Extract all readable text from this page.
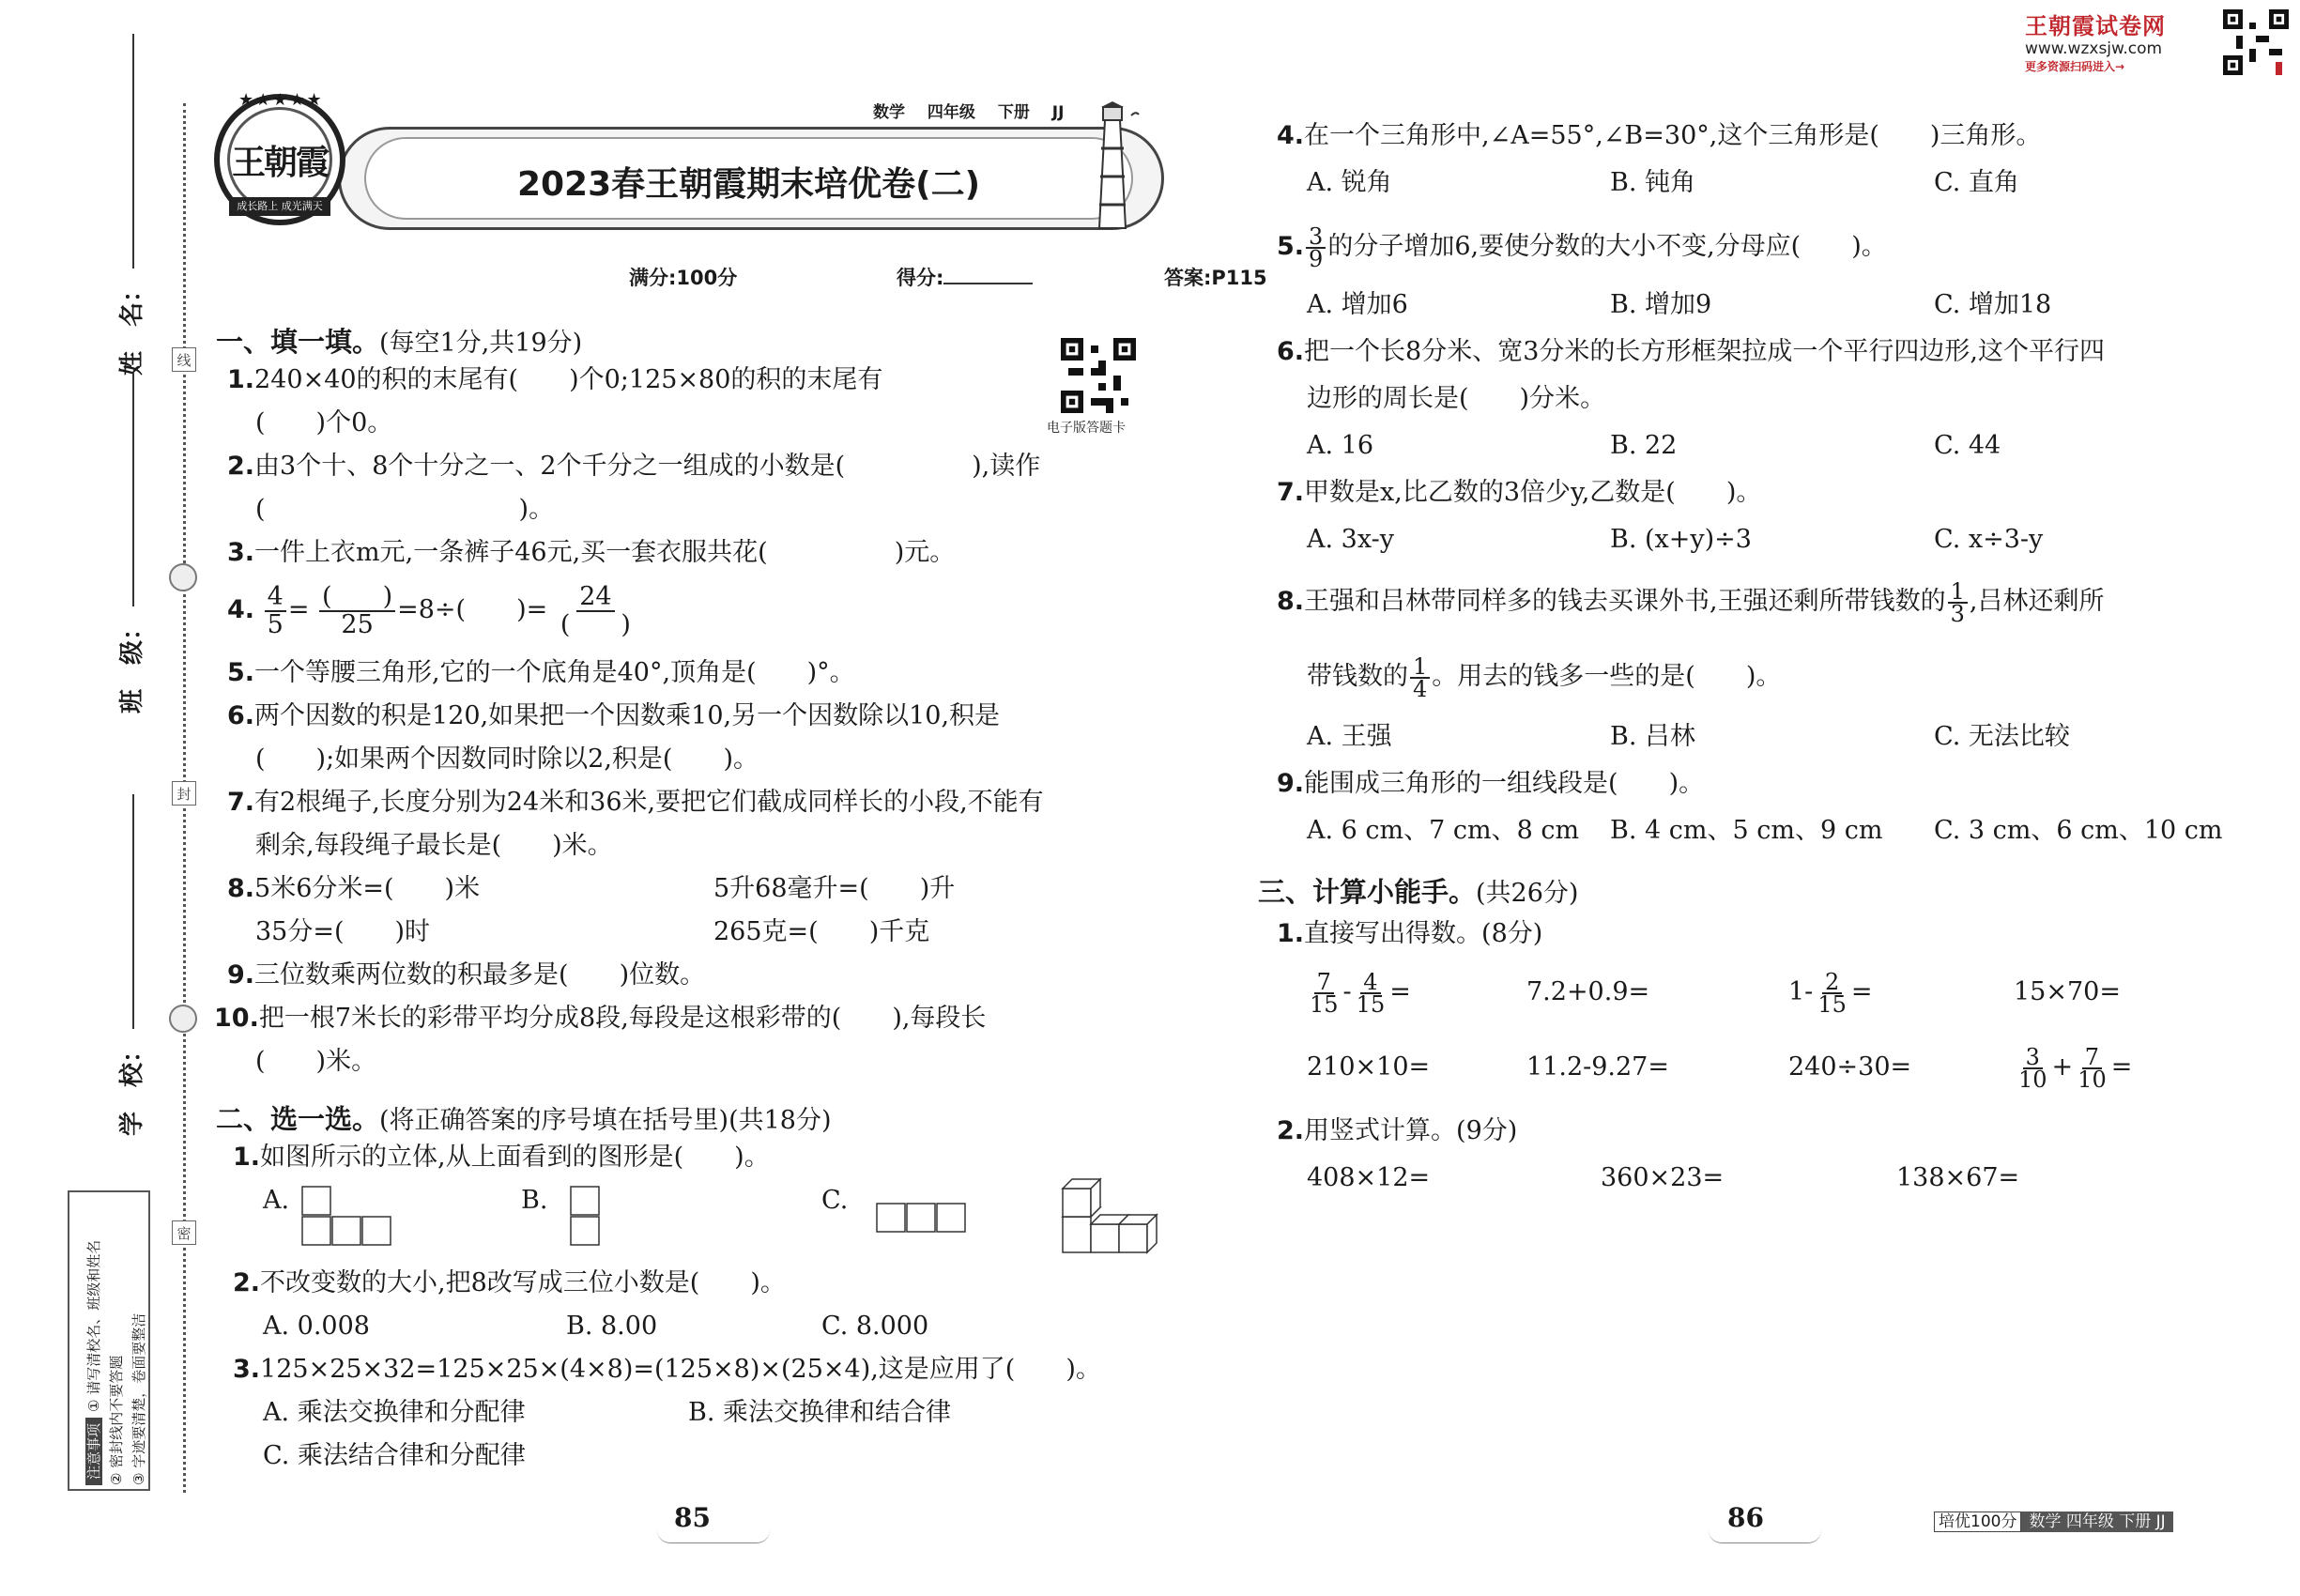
线
封
密
姓　名：
班　级：
学　校：
注意事项① 请写清校名、班级和姓名
② 密封线内不要答题 ③ 字迹要清楚，卷面要整洁
2023春王朝霞期末培优卷(二)
★★★★★
王朝霞
成长路上 成光满天
数学 四年级 下册 JJ
满分:100分	得分:	答案:P115
电子版答题卡
一、填一填。(每空1分,共19分)
1.240×40的积的末尾有(　　)个0;125×80的积的末尾有
(　　)个0。
2.由3个十、8个十分之一、2个千分之一组成的小数是(　　　　　),读作
(　　　　　　　　　　)。
3.一件上衣m元,一条裤子46元,买一套衣服共花(　　　　　)元。
4. $\frac{4}{5} = \frac{( )}{25} =8\div$(　　)= $\frac{24}{( )}$
5.一个等腰三角形,它的一个底角是40°,顶角是(　　)°。
6.两个因数的积是120,如果把一个因数乘10,另一个因数除以10,积是
(　　);如果两个因数同时除以2,积是(　　)。
7.有2根绳子,长度分别为24米和36米,要把它们截成同样长的小段,不能有
剩余,每段绳子最长是(　　)米。
8.5米6分米=(　　)米	5升68毫升=(　　)升
35分=(　　)时	265克=(　　)千克
9.三位数乘两位数的积最多是(　　)位数。
10.把一根7米长的彩带平均分成8段,每段是这根彩带的(　　),每段长
(　　)米。
二、选一选。(将正确答案的序号填在括号里)(共18分)
1.如图所示的立体,从上面看到的图形是(　　)。
A.	B.	C.
2.不改变数的大小,把8改写成三位小数是(　　)。
A. 0.008	B. 8.00	C. 8.000
3.125×25×32=125×25×(4×8)=(125×8)×(25×4),这是应用了(　　)。
A. 乘法交换律和分配律	B. 乘法交换律和结合律
C. 乘法结合律和分配律
85
王朝霞试卷网
www.wzxsjw.com
更多资源扫码进入→
4.在一个三角形中,∠A=55°,∠B=30°,这个三角形是(　　)三角形。
A. 锐角	B. 钝角	C. 直角
5. $\frac{3}{9}$ 的分子增加6,要使分数的大小不变,分母应(　　)。
A. 增加6	B. 增加9	C. 增加18
6.把一个长8分米、宽3分米的长方形框架拉成一个平行四边形,这个平行四
边形的周长是(　　)分米。
A. 16	B. 22	C. 44
7.甲数是x,比乙数的3倍少y,乙数是(　　)。
A. 3x-y	B. (x+y)÷3	C. x÷3-y
8.王强和吕林带同样多的钱去买课外书,王强还剩所带钱数的 $\frac{1}{3}$ ,吕林还剩所
带钱数的 $\frac{1}{4}$ 。用去的钱多一些的是(　　)。
A. 王强	B. 吕林	C. 无法比较
9.能围成三角形的一组线段是(　　)。
A. 6 cm、7 cm、8 cm B. 4 cm、5 cm、9 cm C. 3 cm、6 cm、10 cm
三、计算小能手。(共26分)
1.直接写出得数。(8分)
$\frac{7}{15} - \frac{4}{15}$ =	7.2+0.9=	$1- \frac{2}{15}$ =	15×70=
210×10=	11.2-9.27=	240÷30=	$\frac{3}{10} + \frac{7}{10}$ =
2.用竖式计算。(9分)
408×12=	360×23=	138×67=
86	培优100分 数学 四年级 下册 JJ
